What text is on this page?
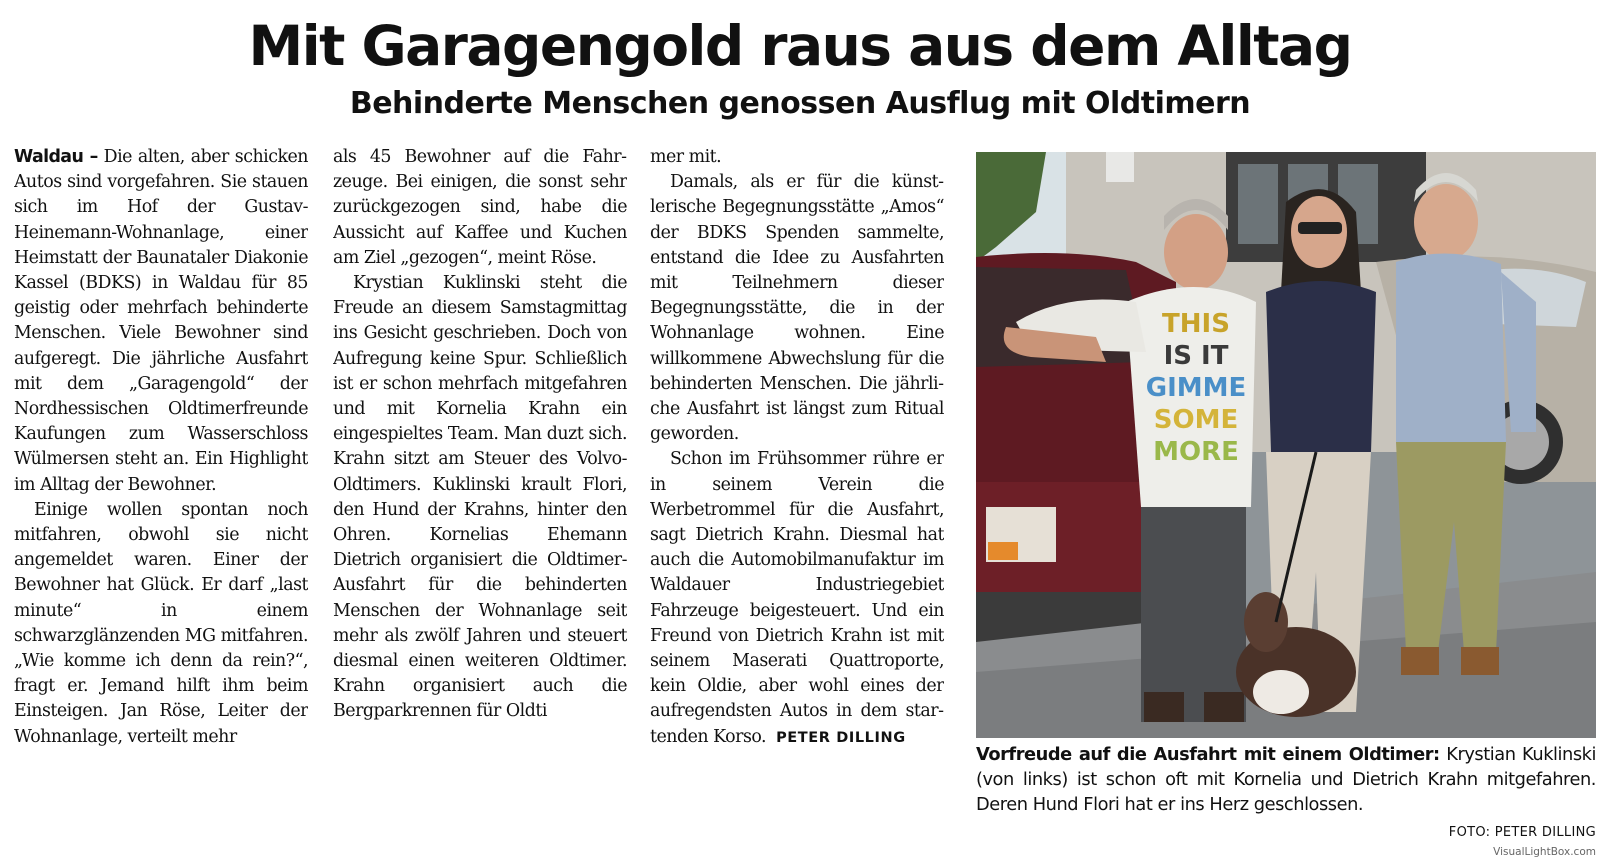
Mit Garagengold raus aus dem Alltag
Behinderte Menschen genossen Ausflug mit Oldtimern

Waldau – Die alten, aber schicken Autos sind vorgefahren. Sie stauen sich im Hof der Gustav-Heinemann-Wohnanlage, einer Heimstatt der Baunataler Diakonie Kassel (BDKS) in Waldau für 85 geistig oder mehrfach behinderte Menschen. Viele Bewohner sind aufgeregt. Die jährliche Ausfahrt mit dem „Garagengold“ der Nordhessischen Oldtimerfreunde Kaufungen zum Wasserschloss Wülmersen steht an. Ein Highlight im Alltag der Bewohner.

Einige wollen spontan noch mitfahren, obwohl sie nicht angemeldet waren. Einer der Bewohner hat Glück. Er darf „last minute“ in einem schwarzglänzenden MG mitfahren. „Wie komme ich denn da rein?“, fragt er. Jemand hilft ihm beim Einsteigen. Jan Röse, Leiter der Wohnanlage, verteilt mehr

als 45 Bewohner auf die Fahrzeuge. Bei einigen, die sonst sehr zurückgezogen sind, habe die Aussicht auf Kaffee und Kuchen am Ziel „gezogen“, meint Röse.

Krystian Kuklinski steht die Freude an diesem Samstagmittag ins Gesicht geschrieben. Doch von Aufregung keine Spur. Schließlich ist er schon mehrfach mitgefahren und mit Kornelia Krahn ein eingespieltes Team. Man duzt sich. Krahn sitzt am Steuer des Volvo-Oldtimers. Kuklinski krault Flori, den Hund der Krahns, hinter den Ohren. Kornelias Ehemann Dietrich organisiert die Oldtimer-Ausfahrt für die behinderten Menschen der Wohnanlage seit mehr als zwölf Jahren und steuert diesmal einen weiteren Oldtimer. Krahn organisiert auch die Bergparkrennen für Oldti

mer mit.

Damals, als er für die künstlerische Begegnungsstätte „Amos“ der BDKS Spenden sammelte, entstand die Idee zu Ausfahrten mit Teilnehmern dieser Begegnungsstätte, die in der Wohnanlage wohnen. Eine willkommene Abwechslung für die behinderten Menschen. Die jährliche Ausfahrt ist längst zum Ritual geworden.

Schon im Frühsommer rühre er in seinem Verein die Werbetrommel für die Ausfahrt, sagt Dietrich Krahn. Diesmal hat auch die Automobilmanufaktur im Waldauer Industriegebiet Fahrzeuge beigesteuert. Und ein Freund von Dietrich Krahn ist mit seinem Maserati Quattroporte, kein Oldie, aber wohl eines der aufregendsten Autos in dem startenden Korso. PETER DILLING

THIS
IS IT
GIMME
SOME
MORE
Vorfreude auf die Ausfahrt mit einem Oldtimer: Krystian Kuklinski (von links) ist schon oft mit Kornelia und Dietrich Krahn mitgefahren. Deren Hund Flori hat er ins Herz geschlossen.
FOTO: PETER DILLING
VisualLightBox.com
